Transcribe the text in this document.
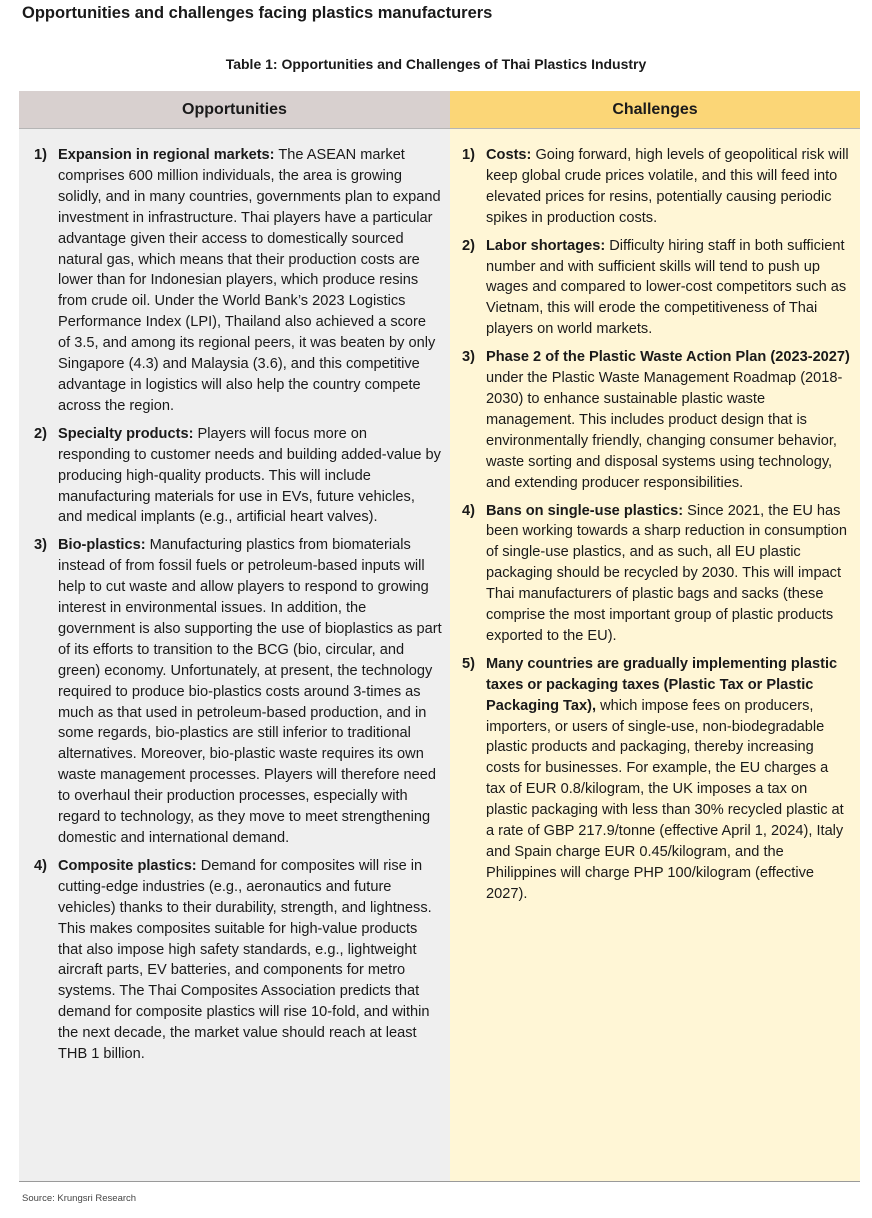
Opportunities and challenges facing plastics manufacturers
Table 1: Opportunities and Challenges of Thai Plastics Industry
Opportunities
1) Expansion in regional markets: The ASEAN market comprises 600 million individuals, the area is growing solidly, and in many countries, governments plan to expand investment in infrastructure. Thai players have a particular advantage given their access to domestically sourced natural gas, which means that their production costs are lower than for Indonesian players, which produce resins from crude oil. Under the World Bank’s 2023 Logistics Performance Index (LPI), Thailand also achieved a score of 3.5, and among its regional peers, it was beaten by only Singapore (4.3) and Malaysia (3.6), and this competitive advantage in logistics will also help the country compete across the region.
2) Specialty products: Players will focus more on responding to customer needs and building added-value by producing high-quality products. This will include manufacturing materials for use in EVs, future vehicles, and medical implants (e.g., artificial heart valves).
3) Bio-plastics: Manufacturing plastics from biomaterials instead of from fossil fuels or petroleum-based inputs will help to cut waste and allow players to respond to growing interest in environmental issues. In addition, the government is also supporting the use of bioplastics as part of its efforts to transition to the BCG (bio, circular, and green) economy. Unfortunately, at present, the technology required to produce bio-plastics costs around 3-times as much as that used in petroleum-based production, and in some regards, bio-plastics are still inferior to traditional alternatives. Moreover, bio-plastic waste requires its own waste management processes. Players will therefore need to overhaul their production processes, especially with regard to technology, as they move to meet strengthening domestic and international demand.
4) Composite plastics: Demand for composites will rise in cutting-edge industries (e.g., aeronautics and future vehicles) thanks to their durability, strength, and lightness. This makes composites suitable for high-value products that also impose high safety standards, e.g., lightweight aircraft parts, EV batteries, and components for metro systems. The Thai Composites Association predicts that demand for composite plastics will rise 10-fold, and within the next decade, the market value should reach at least THB 1 billion.
Challenges
1) Costs: Going forward, high levels of geopolitical risk will keep global crude prices volatile, and this will feed into elevated prices for resins, potentially causing periodic spikes in production costs.
2) Labor shortages: Difficulty hiring staff in both sufficient number and with sufficient skills will tend to push up wages and compared to lower-cost competitors such as Vietnam, this will erode the competitiveness of Thai players on world markets.
3) Phase 2 of the Plastic Waste Action Plan (2023-2027) under the Plastic Waste Management Roadmap (2018-2030) to enhance sustainable plastic waste management. This includes product design that is environmentally friendly, changing consumer behavior, waste sorting and disposal systems using technology, and extending producer responsibilities.
4) Bans on single-use plastics: Since 2021, the EU has been working towards a sharp reduction in consumption of single-use plastics, and as such, all EU plastic packaging should be recycled by 2030. This will impact Thai manufacturers of plastic bags and sacks (these comprise the most important group of plastic products exported to the EU).
5) Many countries are gradually implementing plastic taxes or packaging taxes (Plastic Tax or Plastic Packaging Tax), which impose fees on producers, importers, or users of single-use, non-biodegradable plastic products and packaging, thereby increasing costs for businesses. For example, the EU charges a tax of EUR 0.8/kilogram, the UK imposes a tax on plastic packaging with less than 30% recycled plastic at a rate of GBP 217.9/tonne (effective April 1, 2024), Italy and Spain charge EUR 0.45/kilogram, and the Philippines will charge PHP 100/kilogram (effective 2027).
Source: Krungsri Research
